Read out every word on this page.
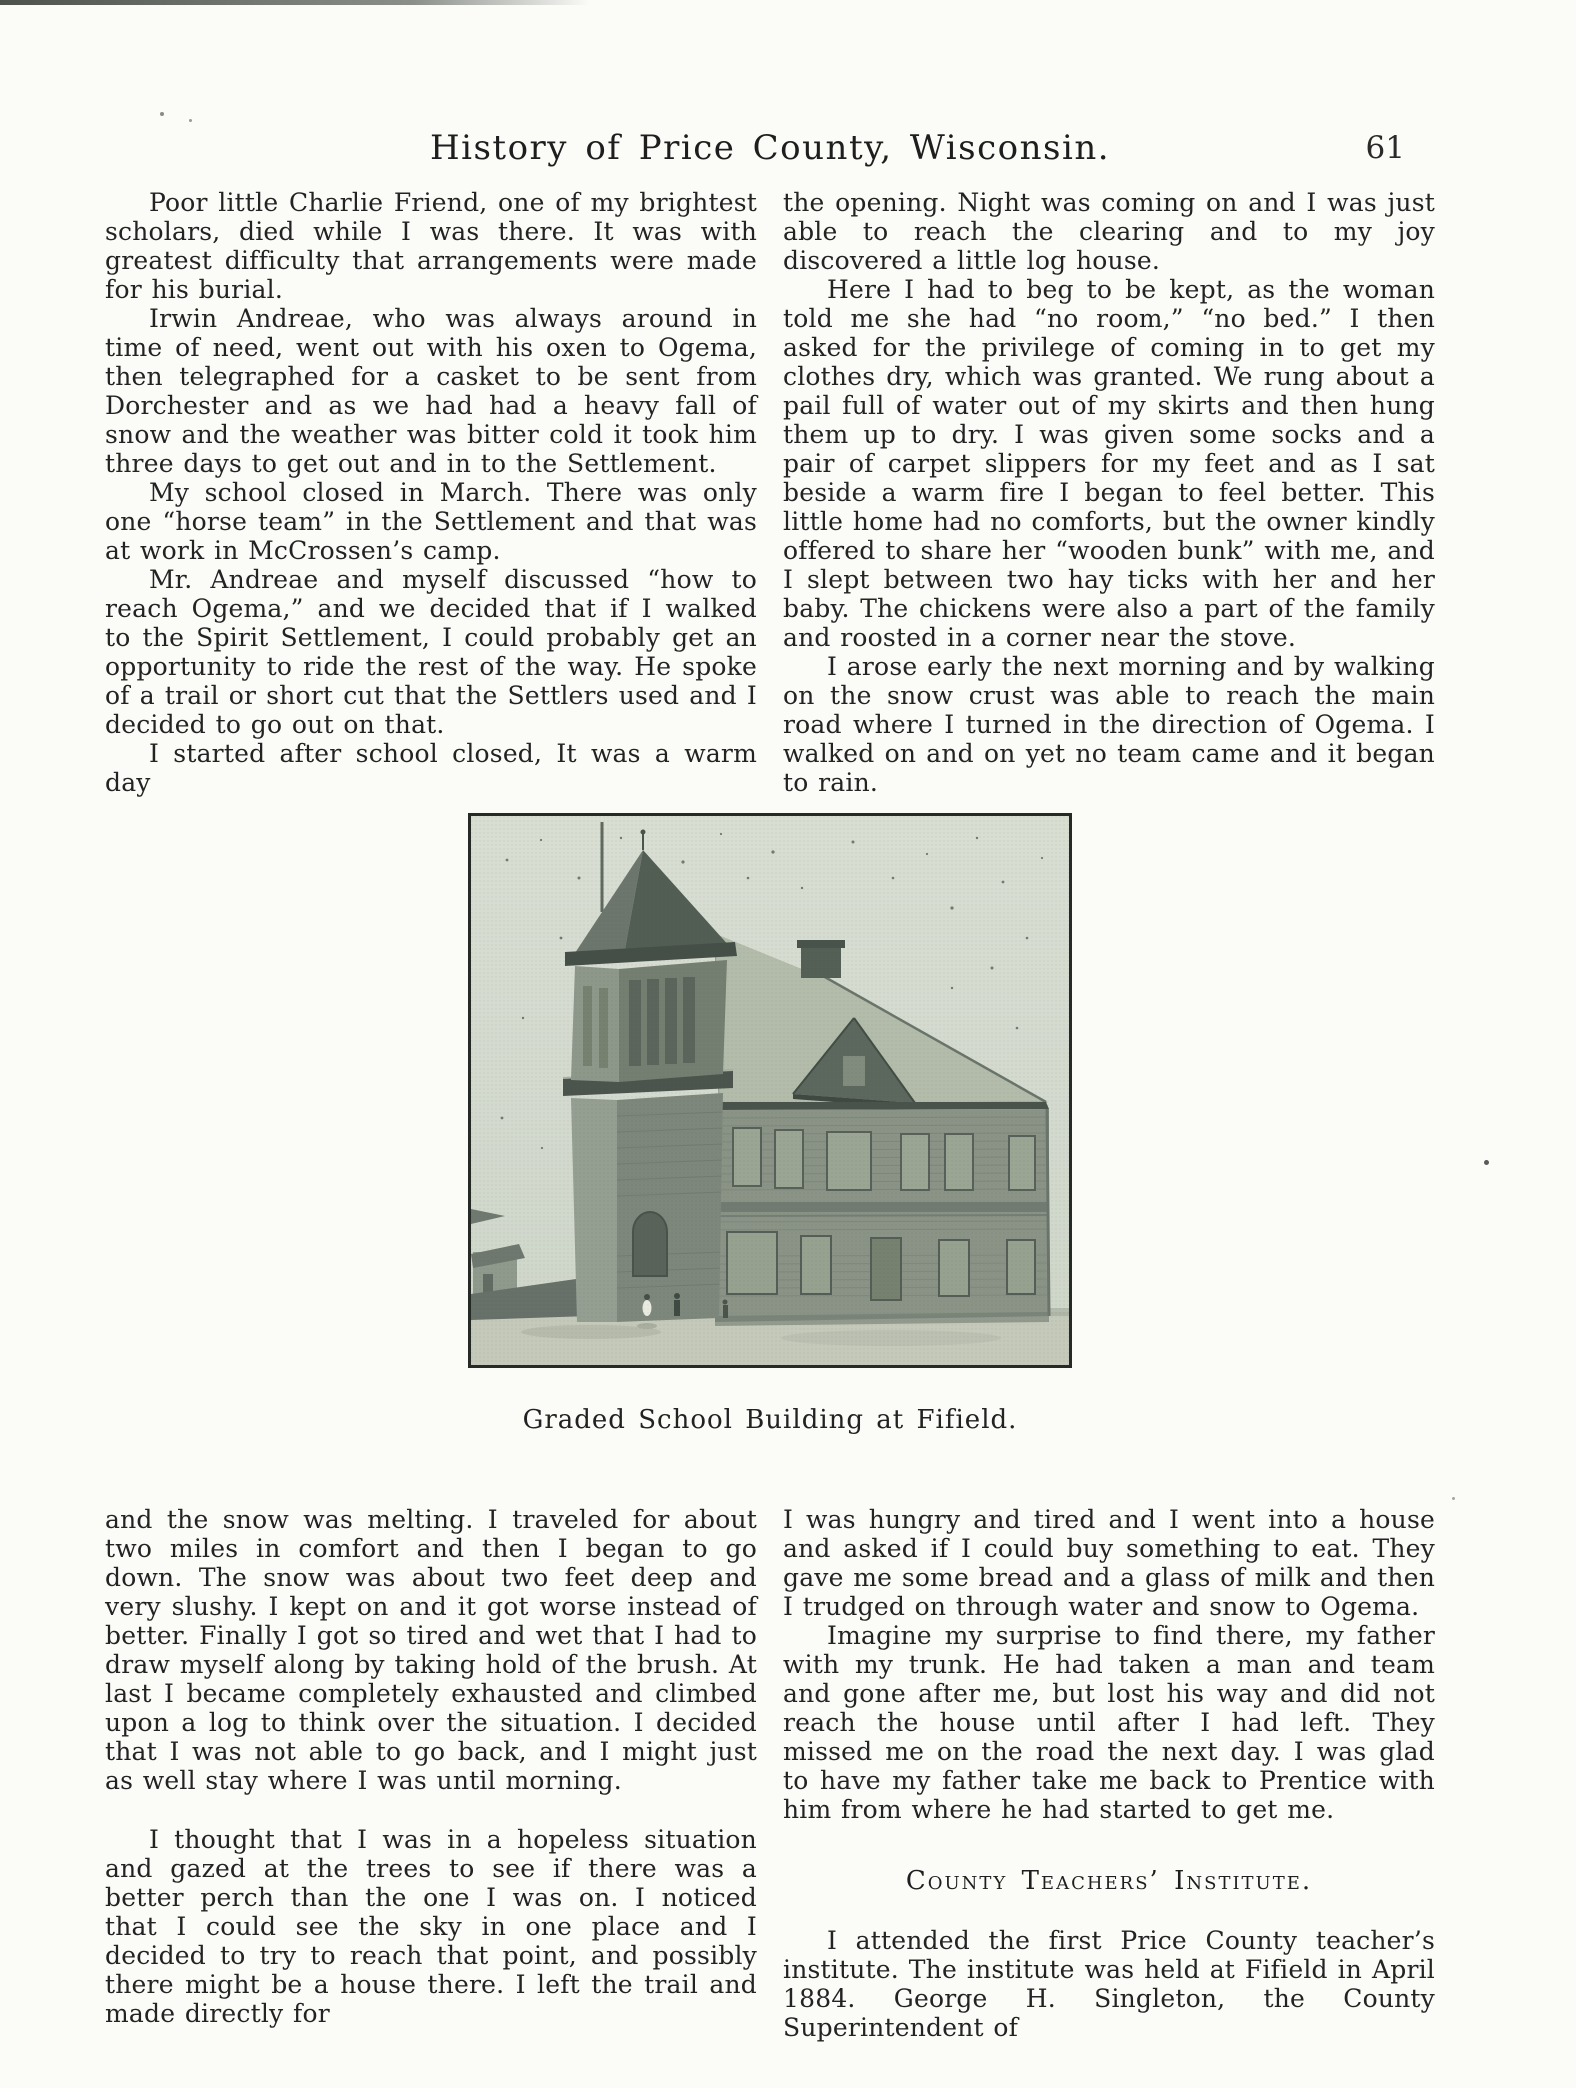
History of Price County, Wisconsin.	61

Poor little Charlie Friend, one of my brightest scholars, died while I was there. It was with greatest difficulty that arrangements were made for his burial.

Irwin Andreae, who was always around in time of need, went out with his oxen to Ogema, then telegraphed for a casket to be sent from Dorchester and as we had had a heavy fall of snow and the weather was bitter cold it took him three days to get out and in to the Settlement.

My school closed in March. There was only one “horse team” in the Settlement and that was at work in McCrossen’s camp.

Mr. Andreae and myself discussed “how to reach Ogema,” and we decided that if I walked to the Spirit Settlement, I could probably get an opportunity to ride the rest of the way. He spoke of a trail or short cut that the Settlers used and I decided to go out on that.

I started after school closed, It was a warm day

the opening. Night was coming on and I was just able to reach the clearing and to my joy discovered a little log house.

Here I had to beg to be kept, as the woman told me she had “no room,” “no bed.” I then asked for the privilege of coming in to get my clothes dry, which was granted. We rung about a pail full of water out of my skirts and then hung them up to dry. I was given some socks and a pair of carpet slippers for my feet and as I sat beside a warm fire I began to feel better. This little home had no comforts, but the owner kindly offered to share her “wooden bunk” with me, and I slept between two hay ticks with her and her baby. The chickens were also a part of the family and roosted in a corner near the stove.

I arose early the next morning and by walking on the snow crust was able to reach the main road where I turned in the direction of Ogema. I walked on and on yet no team came and it began to rain.

Graded School Building at Fifield.

and the snow was melting. I traveled for about two miles in comfort and then I began to go down. The snow was about two feet deep and very slushy. I kept on and it got worse instead of better. Finally I got so tired and wet that I had to draw myself along by taking hold of the brush. At last I became completely exhausted and climbed upon a log to think over the situation. I decided that I was not able to go back, and I might just as well stay where I was until morning.

I thought that I was in a hopeless situation and gazed at the trees to see if there was a better perch than the one I was on. I noticed that I could see the sky in one place and I decided to try to reach that point, and possibly there might be a house there. I left the trail and made directly for

I was hungry and tired and I went into a house and asked if I could buy something to eat. They gave me some bread and a glass of milk and then I trudged on through water and snow to Ogema.

Imagine my surprise to find there, my father with my trunk. He had taken a man and team and gone after me, but lost his way and did not reach the house until after I had left. They missed me on the road the next day. I was glad to have my father take me back to Prentice with him from where he had started to get me.

County Teachers’ Institute.

I attended the first Price County teacher’s institute. The institute was held at Fifield in April 1884. George H. Singleton, the County Superintendent of
